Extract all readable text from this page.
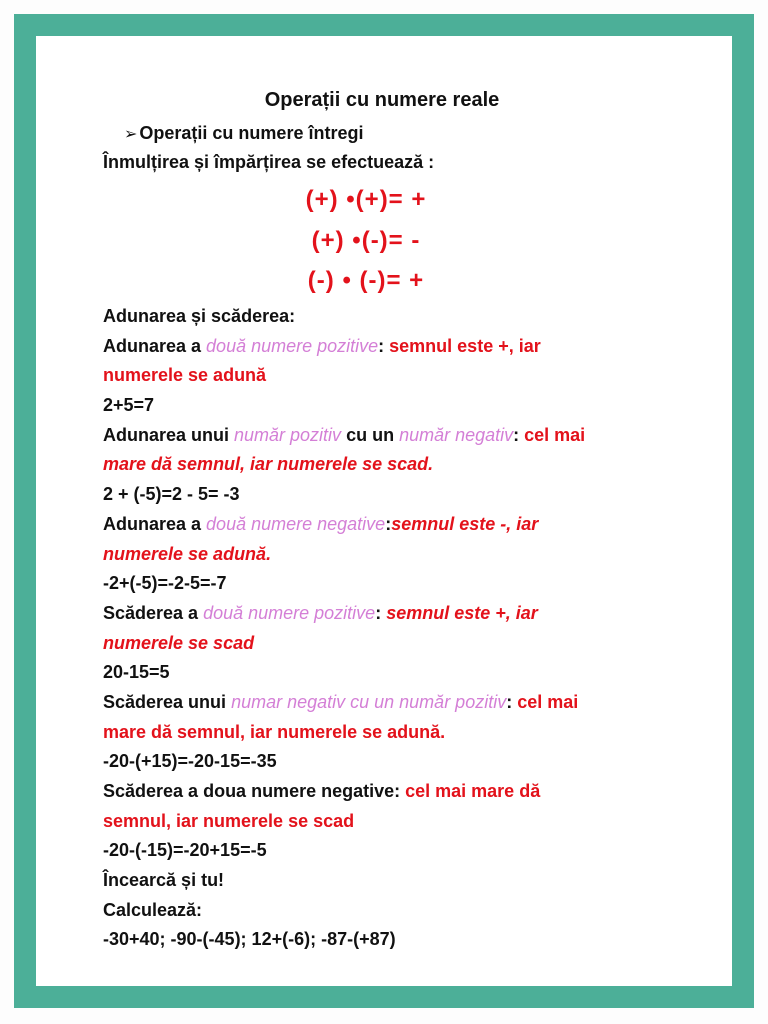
Operații cu numere reale
➢ Operații cu numere întregi
Înmulțirea și împărțirea se efectuează :
(+) •(+)= +
(+) •(-)= -
(-) • (-)= +
Adunarea și scăderea:
Adunarea a două numere pozitive: semnul este +, iar
numerele se adună
2+5=7
Adunarea unui număr pozitiv cu un număr negativ: cel mai
mare dă semnul, iar numerele se scad.
2 + (-5)=2 - 5= -3
Adunarea a două numere negative:semnul este -, iar
numerele se adună.
-2+(-5)=-2-5=-7
Scăderea a două numere pozitive: semnul este +, iar
numerele se scad
20-15=5
Scăderea unui numar negativ cu un număr pozitiv: cel mai
mare dă semnul, iar numerele se adună.
-20-(+15)=-20-15=-35
Scăderea a doua numere negative: cel mai mare dă
semnul, iar numerele se scad
-20-(-15)=-20+15=-5
Încearcă și tu!
Calculează:
-30+40; -90-(-45); 12+(-6); -87-(+87)
